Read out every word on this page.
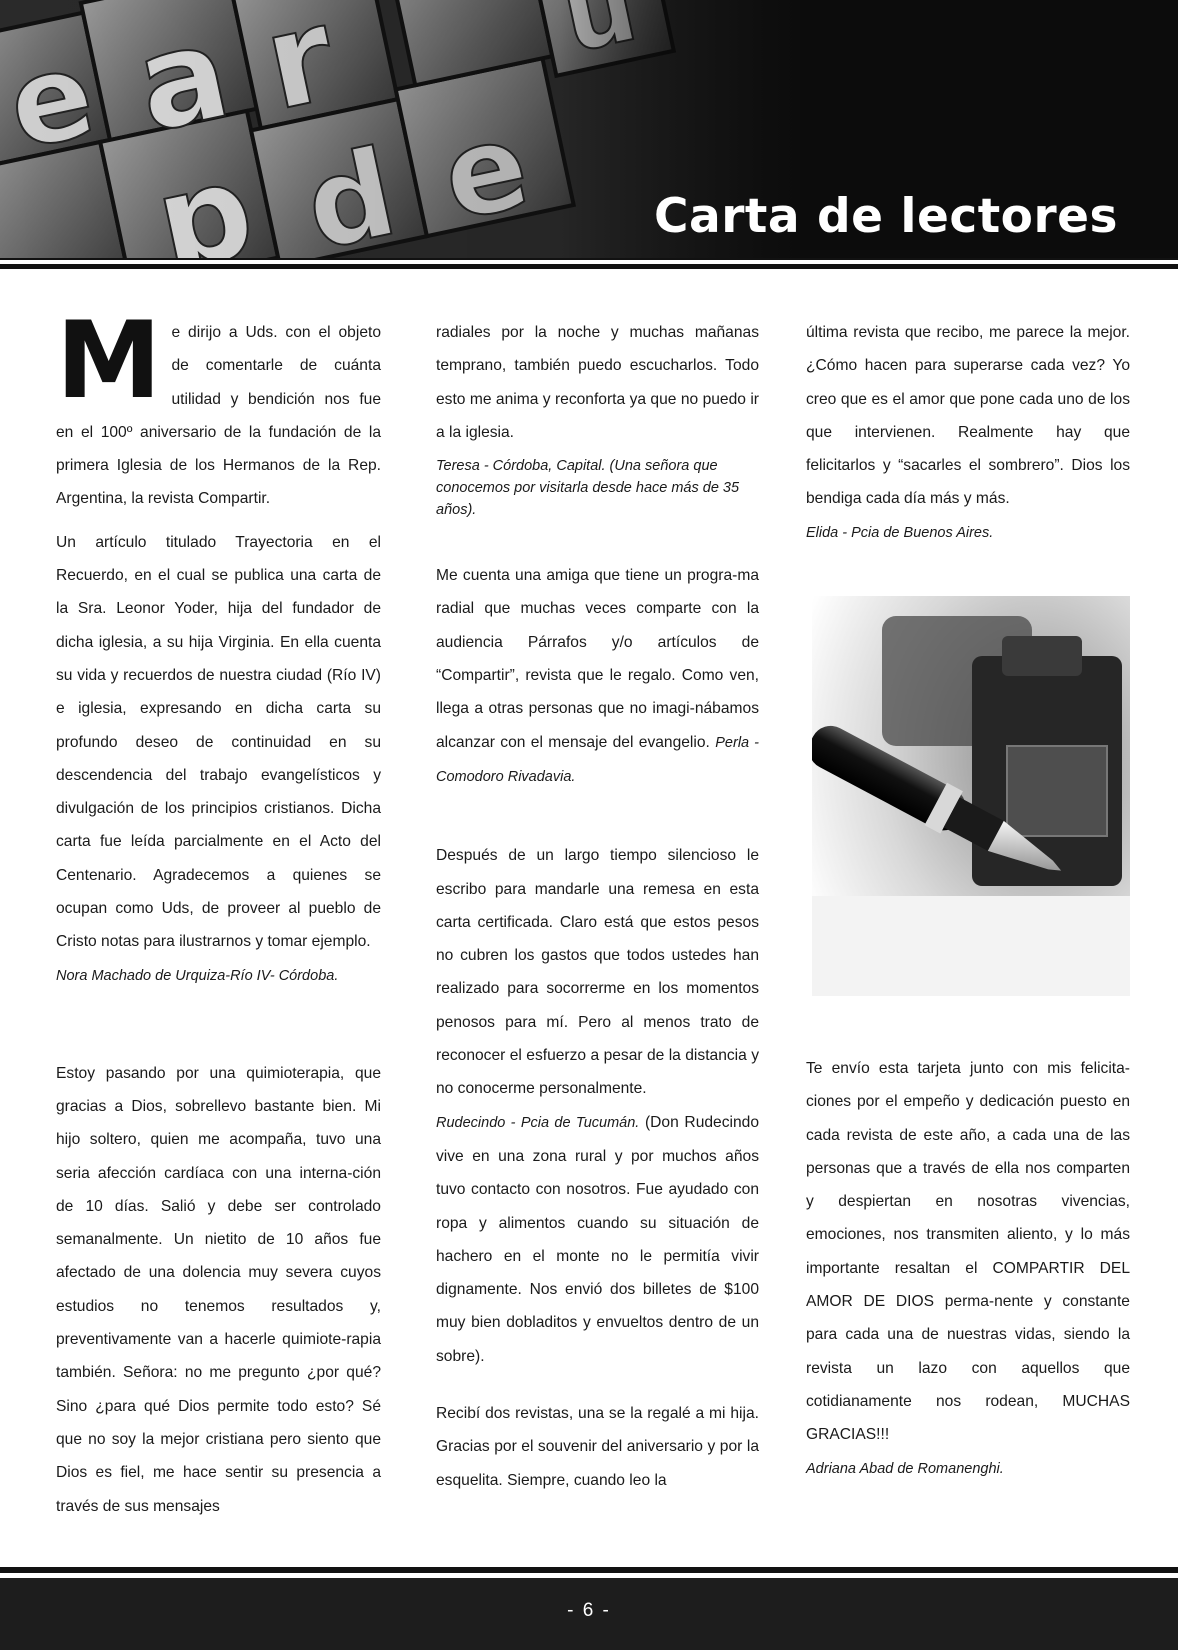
Carta de lectores

Me dirijo a Uds. con el objeto de comentarle de cuánta utilidad y bendición nos fue en el 100º aniversario de la fundación de la primera Iglesia de los Hermanos de la Rep. Argentina, la revista Compartir.

Un artículo titulado Trayectoria en el Recuerdo, en el cual se publica una carta de la Sra. Leonor Yoder, hija del fundador de dicha iglesia, a su hija Virginia. En ella cuenta su vida y recuerdos de nuestra ciudad (Río IV) e iglesia, expresando en dicha carta su profundo deseo de continuidad en su descendencia del trabajo evangelísticos y divulgación de los principios cristianos. Dicha carta fue leída parcialmente en el Acto del Centenario. Agradecemos a quienes se ocupan como Uds, de proveer al pueblo de Cristo notas para ilustrarnos y tomar ejemplo.

Nora Machado de Urquiza-Río IV- Córdoba.

Estoy pasando por una quimioterapia, que gracias a Dios, sobrellevo bastante bien. Mi hijo soltero, quien me acompaña, tuvo una seria afección cardíaca con una interna-ción de 10 días. Salió y debe ser controlado semanalmente. Un nietito de 10 años fue afectado de una dolencia muy severa cuyos estudios no tenemos resultados y, preventivamente van a hacerle quimiote-rapia también. Señora: no me pregunto ¿por qué? Sino ¿para qué Dios permite todo esto? Sé que no soy la mejor cristiana pero siento que Dios es fiel, me hace sentir su presencia a través de sus mensajes

radiales por la noche y muchas mañanas temprano, también puedo escucharlos. Todo esto me anima y reconforta ya que no puedo ir a la iglesia.

Teresa - Córdoba, Capital. (Una señora que conocemos por visitarla desde hace más de 35 años).

Me cuenta una amiga que tiene un progra-ma radial que muchas veces comparte con la audiencia Párrafos y/o artículos de “Compartir”, revista que le regalo. Como ven, llega a otras personas que no imagi-nábamos alcanzar con el mensaje del evangelio. Perla - Comodoro Rivadavia.

Después de un largo tiempo silencioso le escribo para mandarle una remesa en esta carta certificada. Claro está que estos pesos no cubren los gastos que todos ustedes han realizado para socorrerme en los momentos penosos para mí. Pero al menos trato de reconocer el esfuerzo a pesar de la distancia y no conocerme personalmente.

Rudecindo - Pcia de Tucumán. (Don Rudecindo vive en una zona rural y por muchos años tuvo contacto con nosotros. Fue ayudado con ropa y alimentos cuando su situación de hachero en el monte no le permitía vivir dignamente. Nos envió dos billetes de $100 muy bien dobladitos y envueltos dentro de un sobre).

Recibí dos revistas, una se la regalé a mi hija. Gracias por el souvenir del aniversario y por la esquelita. Siempre, cuando leo la

última revista que recibo, me parece la mejor. ¿Cómo hacen para superarse cada vez? Yo creo que es el amor que pone cada uno de los que intervienen. Realmente hay que felicitarlos y “sacarles el sombrero”. Dios los bendiga cada día más y más.

Elida - Pcia de Buenos Aires.

Te envío esta tarjeta junto con mis felicita-ciones por el empeño y dedicación puesto en cada revista de este año, a cada una de las personas que a través de ella nos comparten y despiertan en nosotras vivencias, emociones, nos transmiten aliento, y lo más importante resaltan el COMPARTIR DEL AMOR DE DIOS perma-nente y constante para cada una de nuestras vidas, siendo la revista un lazo con aquellos que cotidianamente nos rodean, MUCHAS GRACIAS!!!

Adriana Abad de Romanenghi.

- 6 -
